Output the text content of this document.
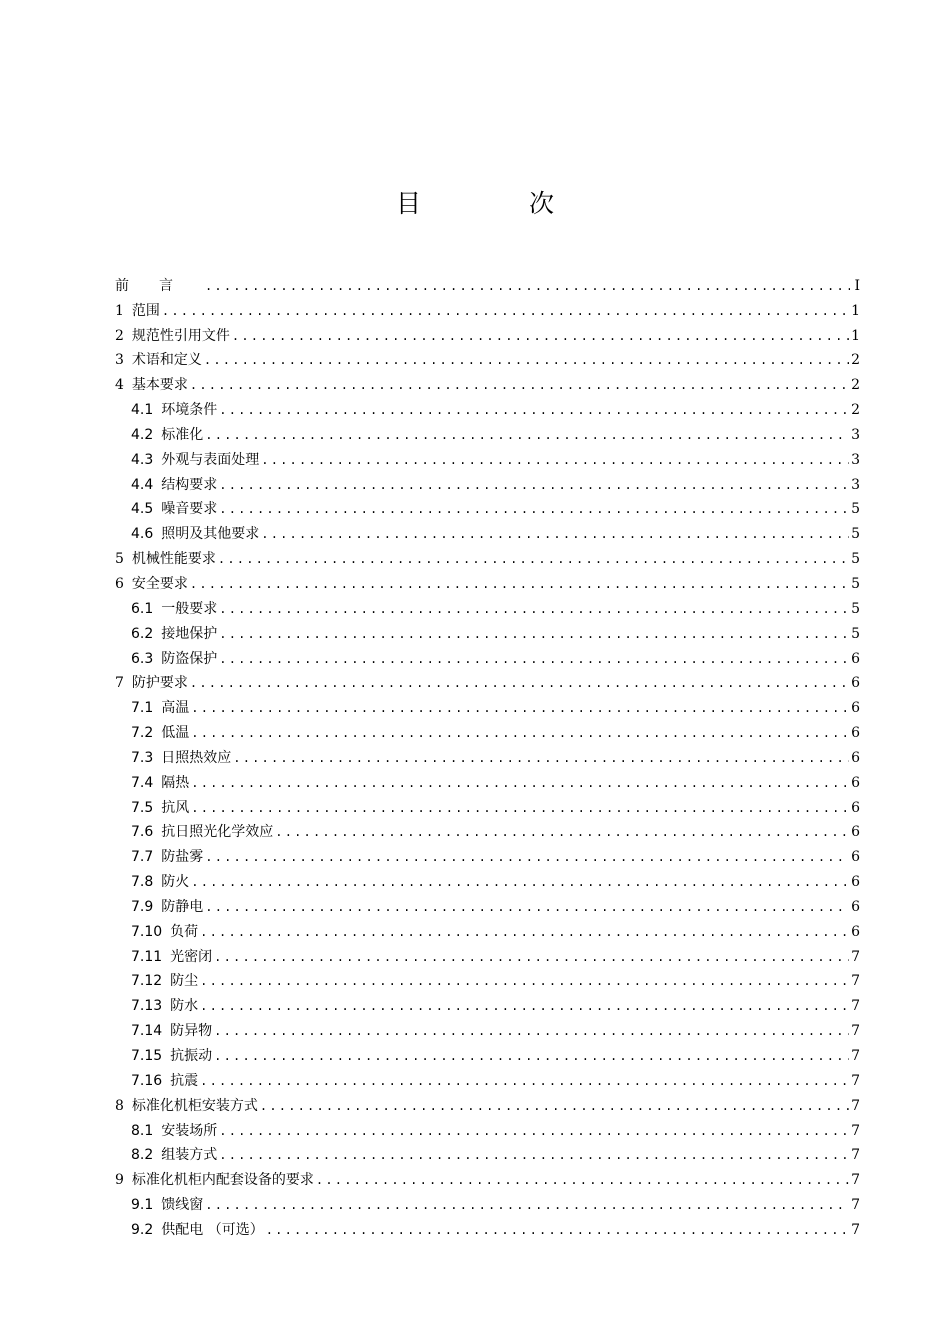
目 次
前言 .....	I
1 范围 .....	1
2 规范性引用文件 .....	1
3 术语和定义 .....	2
4 基本要求 .....	2
4.1 环境条件 .....	2
4.2 标准化 .....	3
4.3 外观与表面处理 .....	3
4.4 结构要求 .....	3
4.5 噪音要求 .....	5
4.6 照明及其他要求 .....	5
5 机械性能要求 .....	5
6 安全要求 .....	5
6.1 一般要求 .....	5
6.2 接地保护 .....	5
6.3 防盗保护 .....	6
7 防护要求 .....	6
7.1 高温 .....	6
7.2 低温 .....	6
7.3 日照热效应 .....	6
7.4 隔热 .....	6
7.5 抗风 .....	6
7.6 抗日照光化学效应 .....	6
7.7 防盐雾 .....	6
7.8 防火 .....	6
7.9 防静电 .....	6
7.10 负荷 .....	6
7.11 光密闭 .....	7
7.12 防尘 .....	7
7.13 防水 .....	7
7.14 防异物 .....	7
7.15 抗振动 .....	7
7.16 抗震 .....	7
8 标准化机柜安装方式 .....	7
8.1 安装场所 .....	7
8.2 组装方式 .....	7
9 标准化机柜内配套设备的要求 .....	7
9.1 馈线窗 .....	7
9.2 供配电 （可选） .....	7
